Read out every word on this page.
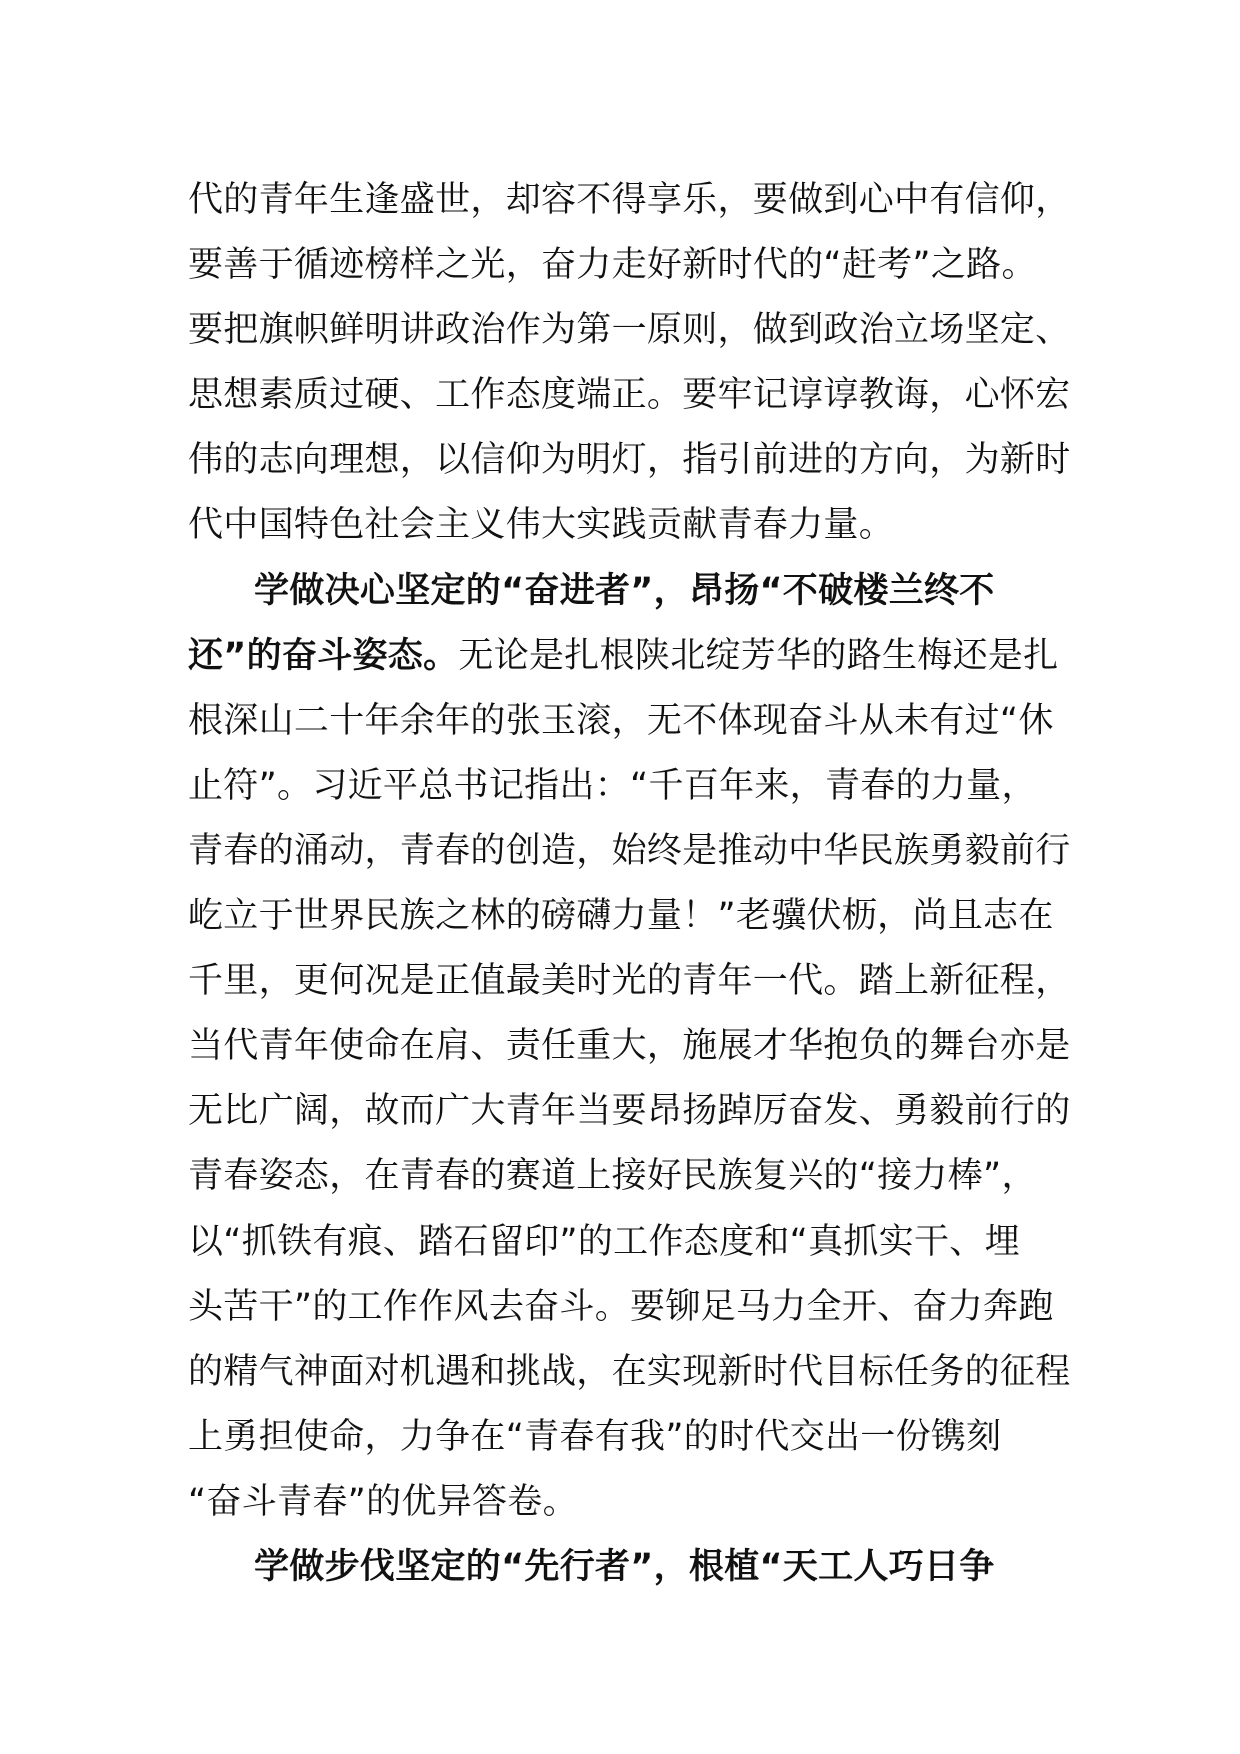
代的青年生逢盛世，却容不得享乐，要做到心中有信仰，
要善于循迹榜样之光，奋力走好新时代的“赶考”之路。
要把旗帜鲜明讲政治作为第一原则，做到政治立场坚定、
思想素质过硬、工作态度端正。要牢记谆谆教诲，心怀宏
伟的志向理想，以信仰为明灯，指引前进的方向，为新时
代中国特色社会主义伟大实践贡献青春力量。
学做决心坚定的“奋进者”，昂扬“不破楼兰终不
还”的奋斗姿态。无论是扎根陕北绽芳华的路生梅还是扎
根深山二十年余年的张玉滚，无不体现奋斗从未有过“休
止符”。习近平总书记指出：“千百年来，青春的力量，
青春的涌动，青春的创造，始终是推动中华民族勇毅前行
屹立于世界民族之林的磅礴力量！”老骥伏枥，尚且志在
千里，更何况是正值最美时光的青年一代。踏上新征程，
当代青年使命在肩、责任重大，施展才华抱负的舞台亦是
无比广阔，故而广大青年当要昂扬踔厉奋发、勇毅前行的
青春姿态，在青春的赛道上接好民族复兴的“接力棒”，
以“抓铁有痕、踏石留印”的工作态度和“真抓实干、埋
头苦干”的工作作风去奋斗。要铆足马力全开、奋力奔跑
的精气神面对机遇和挑战，在实现新时代目标任务的征程
上勇担使命，力争在“青春有我”的时代交出一份镌刻
“奋斗青春”的优异答卷。
学做步伐坚定的“先行者”，根植“天工人巧日争
